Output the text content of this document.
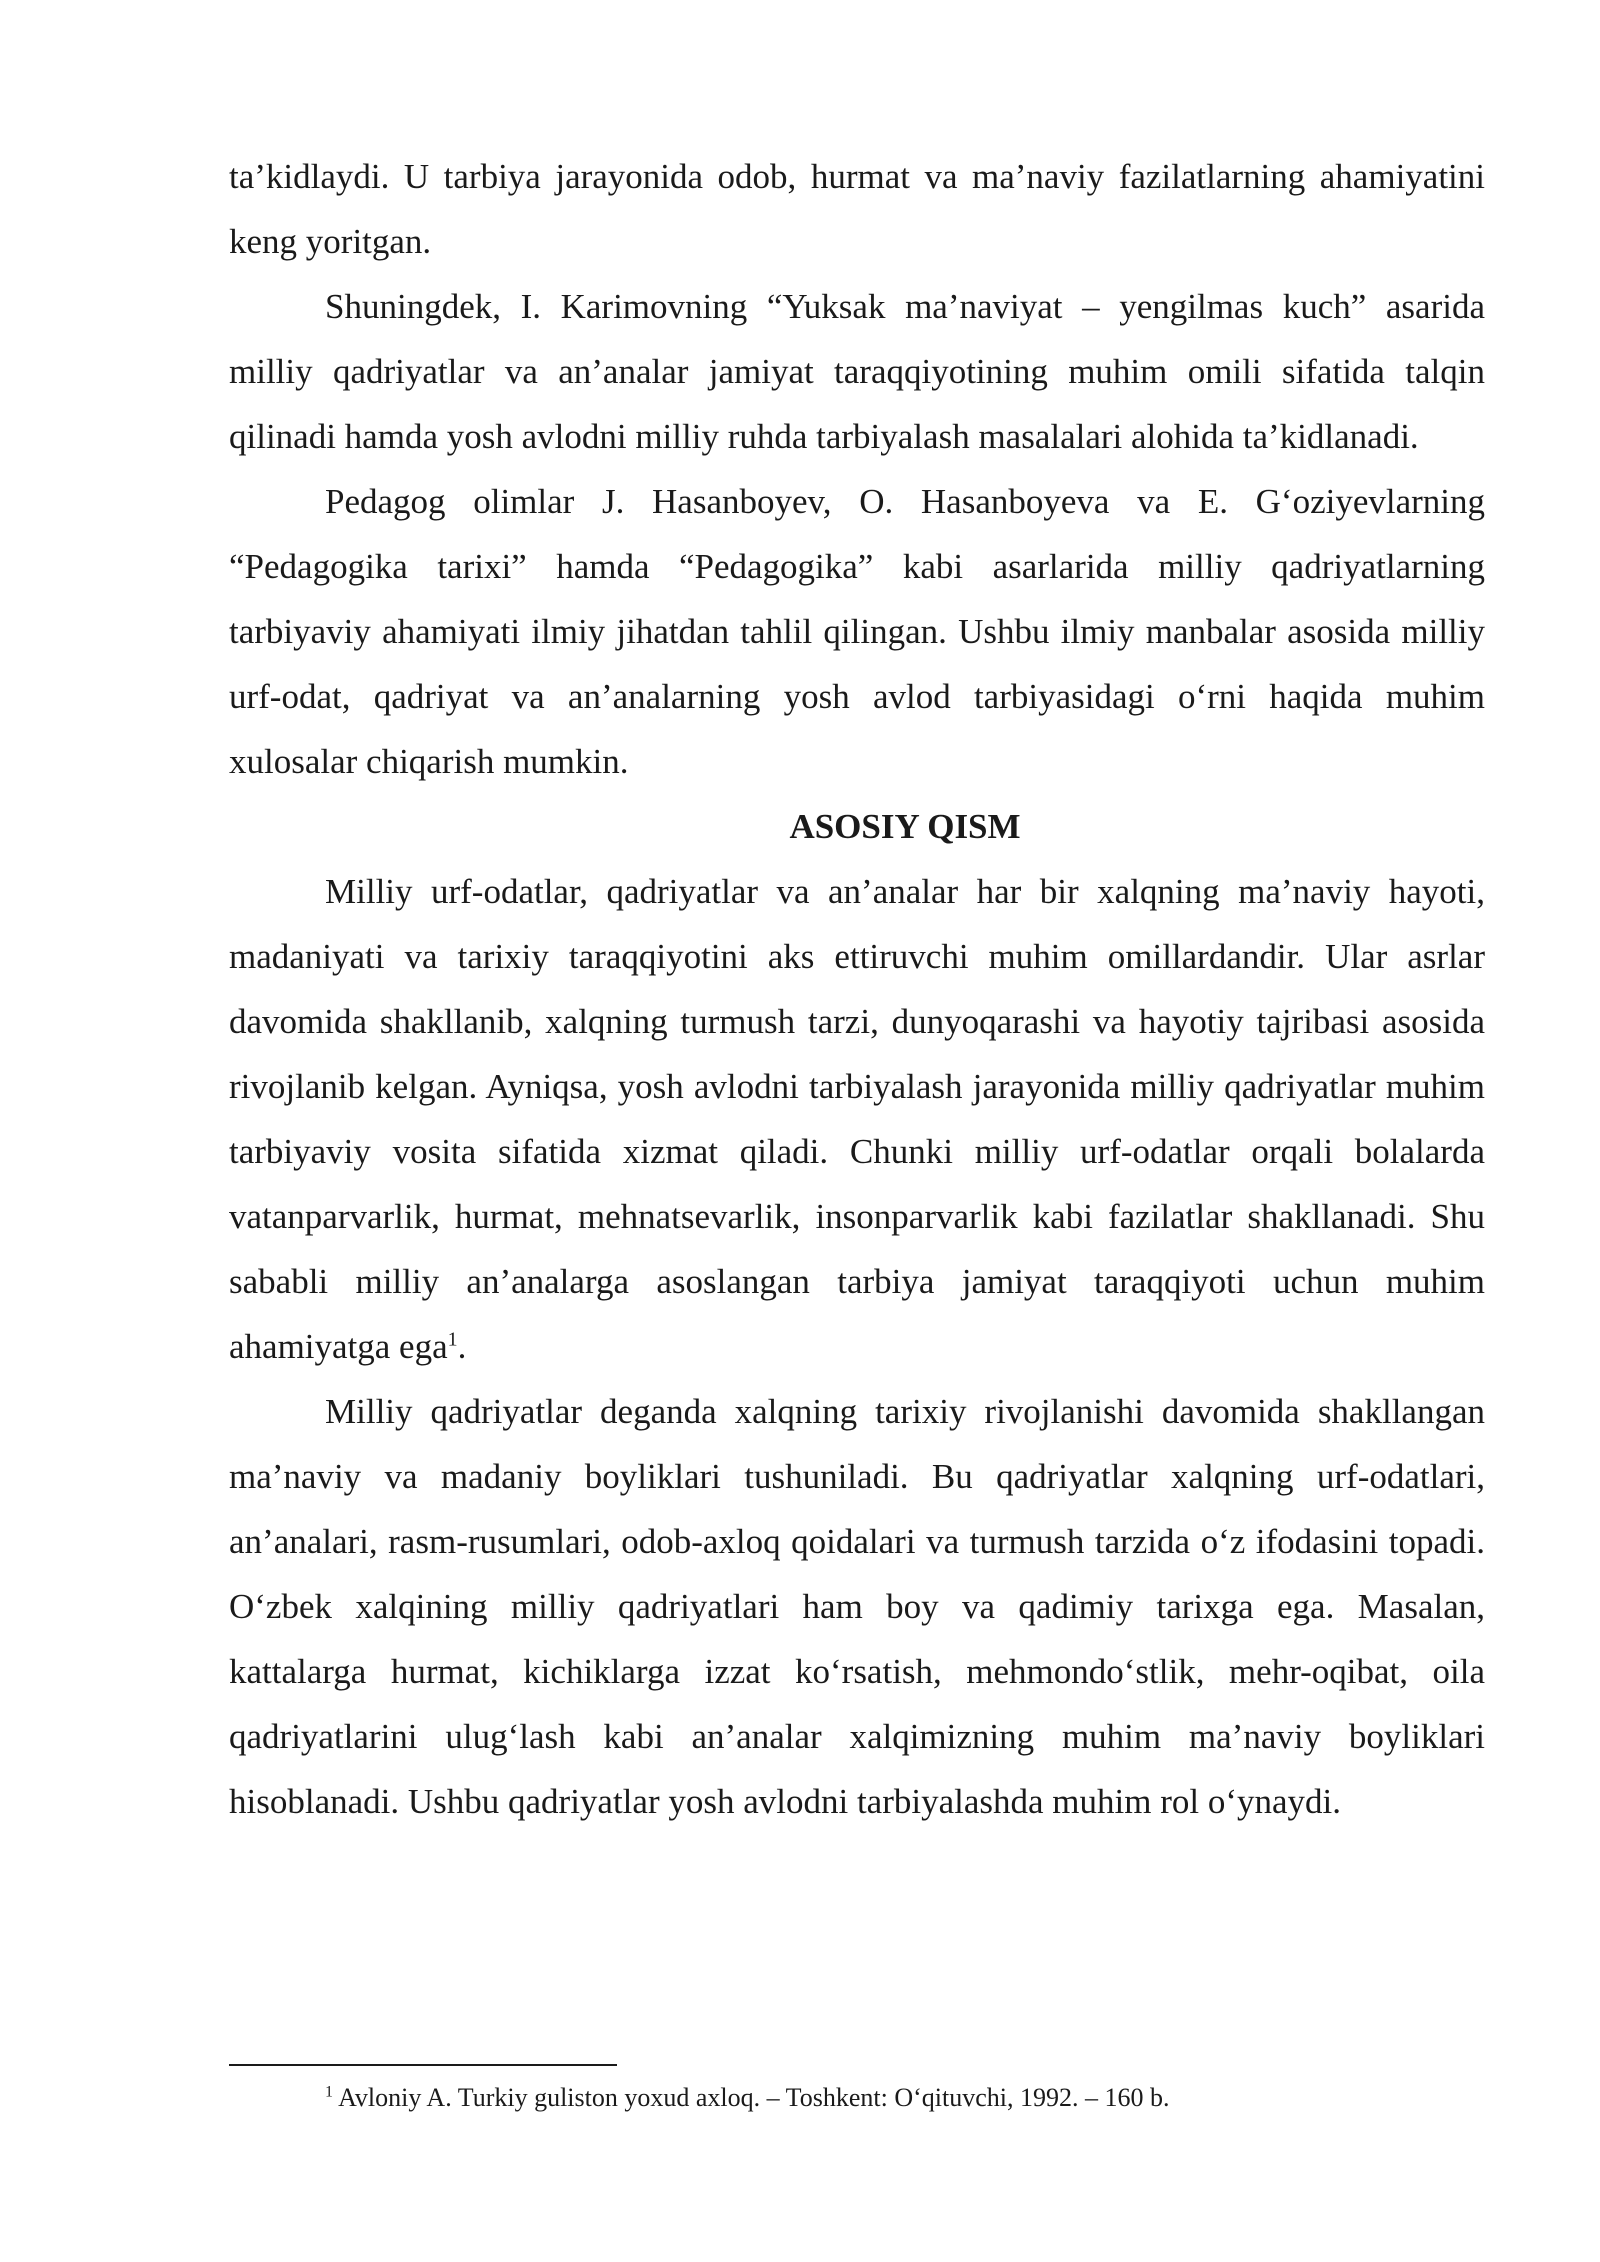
ta’kidlaydi. U tarbiya jarayonida odob, hurmat va ma’naviy fazilatlarning ahamiyatini keng yoritgan.

Shuningdek, I. Karimovning “Yuksak ma’naviyat – yengilmas kuch” asarida milliy qadriyatlar va an’analar jamiyat taraqqiyotining muhim omili sifatida talqin qilinadi hamda yosh avlodni milliy ruhda tarbiyalash masalalari alohida ta’kidlanadi.

Pedagog olimlar J. Hasanboyev, O. Hasanboyeva va E. G‘oziyevlarning “Pedagogika tarixi” hamda “Pedagogika” kabi asarlarida milliy qadriyatlarning tarbiyaviy ahamiyati ilmiy jihatdan tahlil qilingan. Ushbu ilmiy manbalar asosida milliy urf-odat, qadriyat va an’analarning yosh avlod tarbiyasidagi o‘rni haqida muhim xulosalar chiqarish mumkin.

ASOSIY QISM

Milliy urf-odatlar, qadriyatlar va an’analar har bir xalqning ma’naviy hayoti, madaniyati va tarixiy taraqqiyotini aks ettiruvchi muhim omillardandir. Ular asrlar davomida shakllanib, xalqning turmush tarzi, dunyoqarashi va hayotiy tajribasi asosida rivojlanib kelgan. Ayniqsa, yosh avlodni tarbiyalash jarayonida milliy qadriyatlar muhim tarbiyaviy vosita sifatida xizmat qiladi. Chunki milliy urf-odatlar orqali bolalarda vatanparvarlik, hurmat, mehnatsevarlik, insonparvarlik kabi fazilatlar shakllanadi. Shu sababli milliy an’analarga asoslangan tarbiya jamiyat taraqqiyoti uchun muhim ahamiyatga ega$^1$.

Milliy qadriyatlar deganda xalqning tarixiy rivojlanishi davomida shakllangan ma’naviy va madaniy boyliklari tushuniladi. Bu qadriyatlar xalqning urf-odatlari, an’analari, rasm-rusumlari, odob-axloq qoidalari va turmush tarzida o‘z ifodasini topadi. O‘zbek xalqining milliy qadriyatlari ham boy va qadimiy tarixga ega. Masalan, kattalarga hurmat, kichiklarga izzat ko‘rsatish, mehmondo‘stlik, mehr-oqibat, oila qadriyatlarini ulug‘lash kabi an’analar xalqimizning muhim ma’naviy boyliklari hisoblanadi. Ushbu qadriyatlar yosh avlodni tarbiyalashda muhim rol o‘ynaydi.

$^1$ Avloniy A. Turkiy guliston yoxud axloq. – Toshkent: O‘qituvchi, 1992. – 160 b.
